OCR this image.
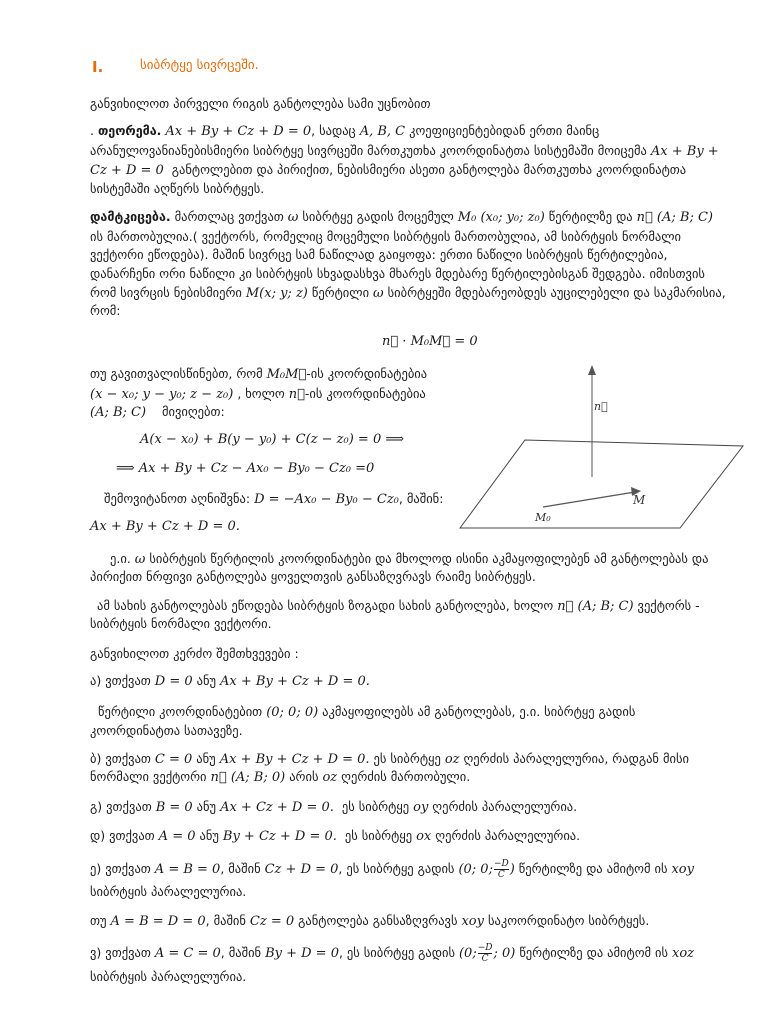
I.	სიბრტყე სივრცეში.
განვიხილოთ პირველი რიგის განტოლება სამი უცნობით
. თეორემა. Ax + By + Cz + D = 0, სადაც A, B, C კოეფიციენტებიდან ერთი მაინც
არანულოვანიანებისმიერი სიბრტყე სივრცეში მართკუთხა კოორდინატთა სისტემაში მოიცემა Ax + By +
Cz + D = 0 განტოლებით და პირიქით, ნებისმიერი ასეთი განტოლება მართკუთხა კოორდინატთა
სისტემაში აღწერს სიბრტყეს.
დამტკიცება. მართლაც ვთქვათ ω სიბრტყე გადის მოცემულ M₀ (x₀; y₀; z₀) წერტილზე და n⃗ (A; B; C)
ის მართობულია.( ვექტორს, რომელიც მოცემული სიბრტყის მართობულია, ამ სიბრტყის ნორმალი
ვექტორი ეწოდება). მაშინ სივრცე სამ ნაწილად გაიყოფა: ერთი ნაწილი სიბრტყის წერტილებია,
დანარჩენი ორი ნაწილი კი სიბრტყის სხვადასხვა მხარეს მდებარე წერტილებისგან შედგება. იმისთვის
რომ სივრცის ნებისმიერი M(x; y; z) წერტილი ω სიბრტყეში მდებარეობდეს აუცილებელი და საკმარისია,
რომ:
n⃗ · M₀M⃗ = 0
თუ გავითვალისწინებთ, რომ M₀M⃗-ის კოორდინატებია
(x − x₀; y − y₀; z − z₀) , ხოლო n⃗-ის კოორდინატებია
(A; B; C) მივიღებთ:
A(x − x₀) + B(y − y₀) + C(z − z₀) = 0 ⟹
⟹ Ax + By + Cz − Ax₀ − By₀ − Cz₀ =0
შემოვიტანოთ აღნიშვნა: D = −Ax₀ − By₀ − Cz₀, მაშინ:
Ax + By + Cz + D = 0.
n⃗
M
M₀
ე.ი. ω სიბრტყის წერტილის კოორდინატები და მხოლოდ ისინი აკმაყოფილებენ ამ განტოლებას და
პირიქით ნრფივი განტოლება ყოველთვის განსაზღვრავს რაიმე სიბრტყეს.
ამ სახის განტოლებას ეწოდება სიბრტყის ზოგადი სახის განტოლება, ხოლო n⃗ (A; B; C) ვექტორს -
სიბრტყის ნორმალი ვექტორი.
განვიხილოთ კერძო შემთხვევები :
ა) ვთქვათ D = 0 ანუ Ax + By + Cz + D = 0.
წერტილი კოორდინატებით (0; 0; 0) აკმაყოფილებს ამ განტოლებას, ე.ი. სიბრტყე გადის
კოორდინატთა სათავეზე.
ბ) ვთქვათ C = 0 ანუ Ax + By + Cz + D = 0. ეს სიბრტყე oz ღერძის პარალელურია, რადგან მისი
ნორმალი ვექტორი n⃗ (A; B; 0) არის oz ღერძის მართობული.
გ) ვთქვათ B = 0 ანუ Ax + Cz + D = 0. ეს სიბრტყე oy ღერძის პარალელურია.
დ) ვთქვათ A = 0 ანუ By + Cz + D = 0. ეს სიბრტყე ox ღერძის პარალელურია.
ე) ვთქვათ A = B = 0, მაშინ Cz + D = 0, ეს სიბრტყე გადის (0; 0; $\frac{-D}{C}$ ) წერტილზე და ამიტომ ის xoy
სიბრტყის პარალელურია.
თუ A = B = D = 0, მაშინ Cz = 0 განტოლება განსაზღვრავს xoy საკოორდინატო სიბრტყეს.
ვ) ვთქვათ A = C = 0, მაშინ By + D = 0, ეს სიბრტყე გადის (0; $\frac{-D}{C}$ ; 0) წერტილზე და ამიტომ ის xoz
სიბრტყის პარალელურია.
